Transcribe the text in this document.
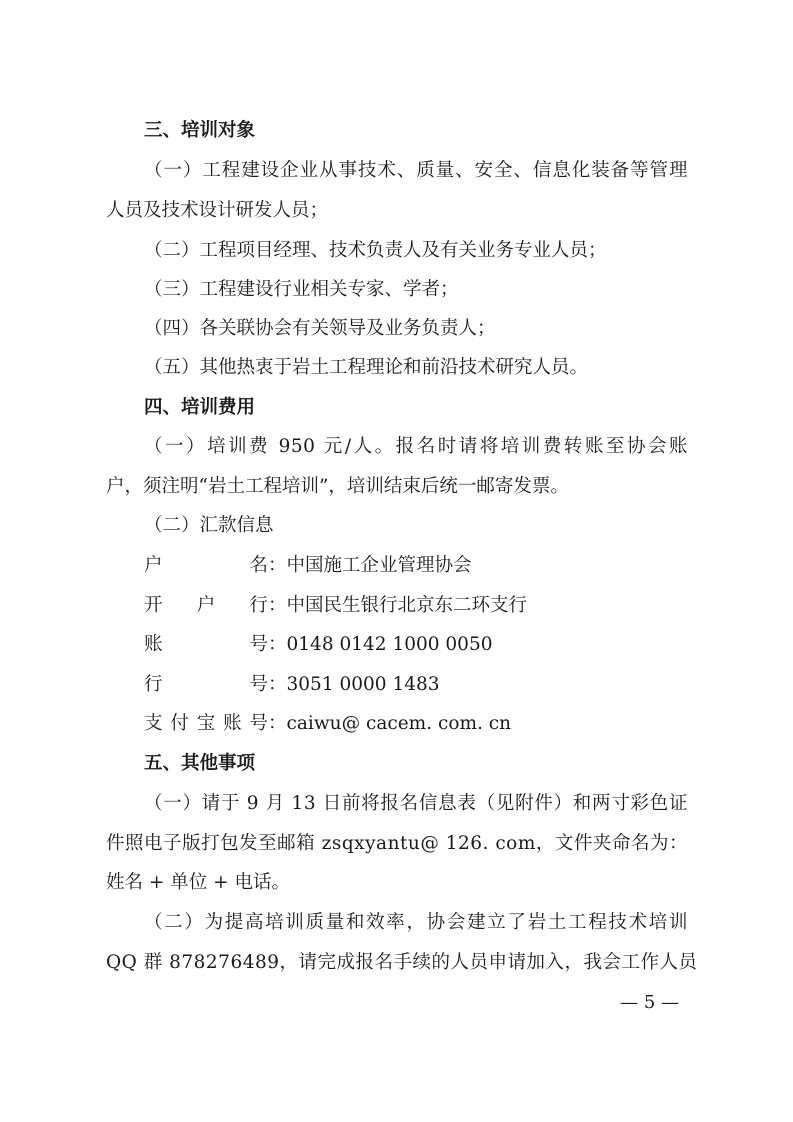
三、培训对象
（一）工程建设企业从事技术、质量、安全、信息化装备等管理
人员及技术设计研发人员；
（二）工程项目经理、技术负责人及有关业务专业人员；
（三）工程建设行业相关专家、学者；
（四）各关联协会有关领导及业务负责人；
（五）其他热衷于岩土工程理论和前沿技术研究人员。
四、培训费用
（一）培训费 950 元/人。报名时请将培训费转账至协会账
户，须注明“岩土工程培训”，培训结束后统一邮寄发票。
（二）汇款信息
户名：中国施工企业管理协会
开户行：中国民生银行北京东二环支行
账号：0148 0142 1000 0050
行号：3051 0000 1483
支付宝账号：caiwu@ cacem. com. cn
五、其他事项
（一）请于 9 月 13 日前将报名信息表（见附件）和两寸彩色证
件照电子版打包发至邮箱 zsqxyantu@ 126. com，文件夹命名为：
姓名 + 单位 + 电话。
（二）为提高培训质量和效率，协会建立了岩土工程技术培训
QQ 群 878276489，请完成报名手续的人员申请加入，我会工作人员
— 5 —
